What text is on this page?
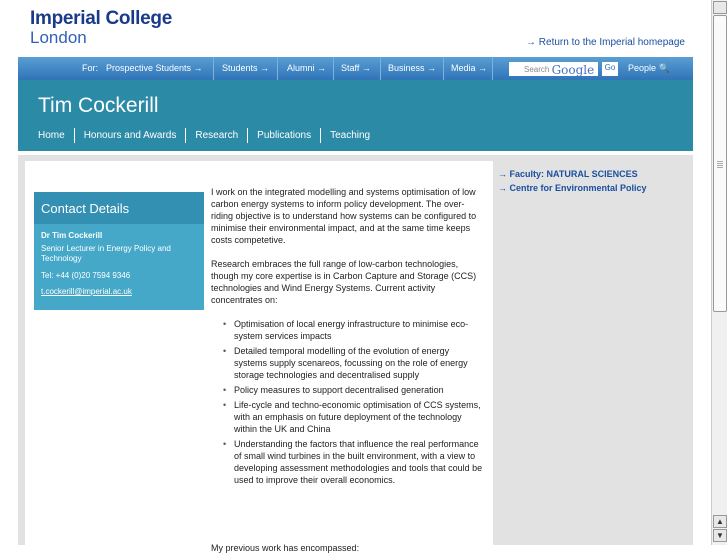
Imperial College
London	→ Return to the Imperial homepage
For: Prospective Students → Students → Alumni → Staff → Business → Media →	Search Google	Go People 🔍
Tim Cockerill
Home Honours and Awards Research Publications Teaching
Contact Details
Dr Tim Cockerill
Senior Lecturer in Energy Policy and Technology
Tel: +44 (0)20 7594 9346
t.cockerill@imperial.ac.uk

I work on the integrated modelling and systems optimisation of low carbon energy systems to inform policy development. The over-riding objective is to understand how systems can be configured to minimise their environmental impact, and at the same time keeps costs competetive.

Research embraces the full range of low-carbon technologies, though my core expertise is in Carbon Capture and Storage (CCS) technologies and Wind Energy Systems. Current activity concentrates on:

• Optimisation of local energy infrastructure to minimise eco-system services impacts
• Detailed temporal modelling of the evolution of energy systems supply scenareos, focussing on the role of energy storage technologies and decentralised supply
• Policy measures to support decentralised generation
• Life-cycle and techno-economic optimisation of CCS systems, with an emphasis on future deployment of the technology within the UK and China
• Understanding the factors that influence the real performance of small wind turbines in the built environment, with a view to developing assessment methodologies and tools that could be used to improve their overall economics.
My previous work has encompassed:
→ Faculty: NATURAL SCIENCES
→ Centre for Environmental Policy
▲
▼
